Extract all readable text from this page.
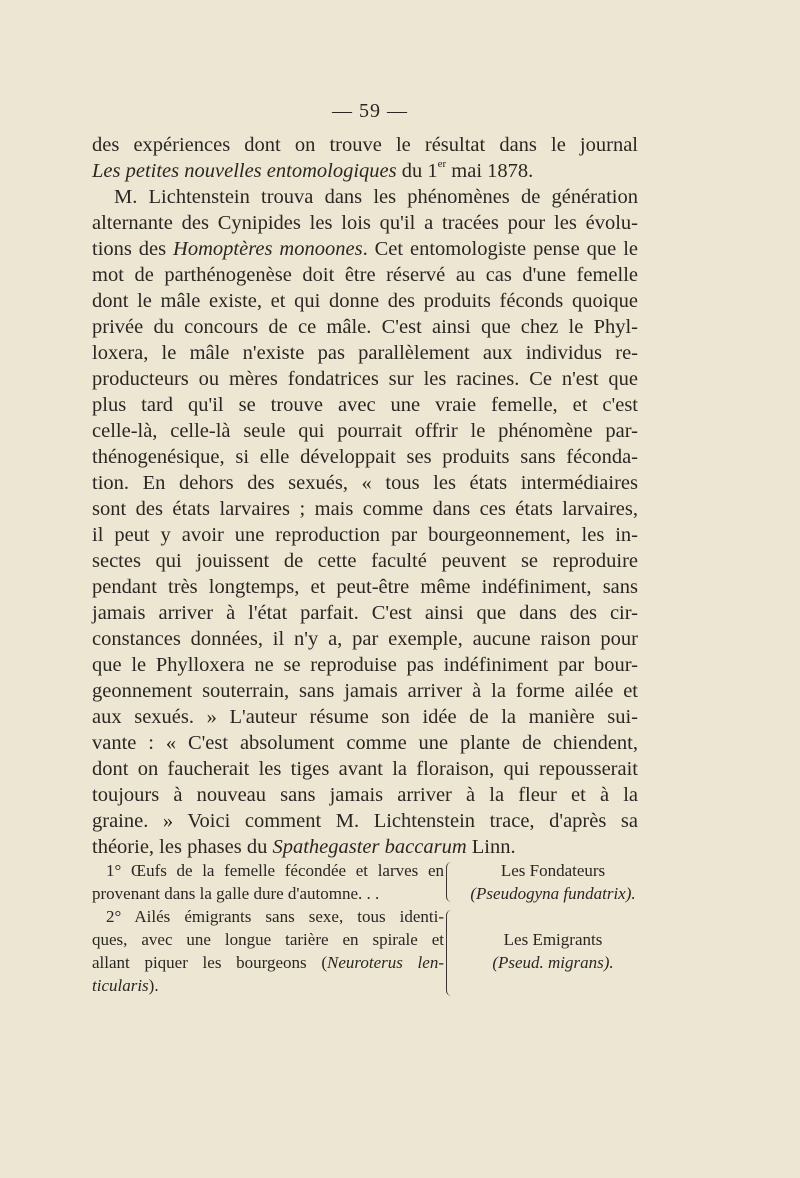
— 59 —
des expériences dont on trouve le résultat dans le journal
Les petites nouvelles entomologiques du 1er mai 1878.
M. Lichtenstein trouva dans les phénomènes de génération
alternante des Cynipides les lois qu'il a tracées pour les évolu-
tions des Homoptères monoones. Cet entomologiste pense que le
mot de parthénogenèse doit être réservé au cas d'une femelle
dont le mâle existe, et qui donne des produits féconds quoique
privée du concours de ce mâle. C'est ainsi que chez le Phyl-
loxera, le mâle n'existe pas parallèlement aux individus re-
producteurs ou mères fondatrices sur les racines. Ce n'est que
plus tard qu'il se trouve avec une vraie femelle, et c'est
celle-là, celle-là seule qui pourrait offrir le phénomène par-
thénogenésique, si elle développait ses produits sans féconda-
tion. En dehors des sexués, « tous les états intermédiaires
sont des états larvaires ; mais comme dans ces états larvaires,
il peut y avoir une reproduction par bourgeonnement, les in-
sectes qui jouissent de cette faculté peuvent se reproduire
pendant très longtemps, et peut-être même indéfiniment, sans
jamais arriver à l'état parfait. C'est ainsi que dans des cir-
constances données, il n'y a, par exemple, aucune raison pour
que le Phylloxera ne se reproduise pas indéfiniment par bour-
geonnement souterrain, sans jamais arriver à la forme ailée et
aux sexués. » L'auteur résume son idée de la manière sui-
vante : « C'est absolument comme une plante de chiendent,
dont on faucherait les tiges avant la floraison, qui repousserait
toujours à nouveau sans jamais arriver à la fleur et à la
graine. » Voici comment M. Lichtenstein trace, d'après sa
théorie, les phases du Spathegaster baccarum Linn.
1° Œufs de la femelle fécondée et larves en
provenant dans la galle dure d'automne. . .
2° Ailés émigrants sans sexe, tous identi-
ques, avec une longue tarière en spirale et
allant piquer les bourgeons (Neuroterus len-
ticularis).
Les Fondateurs
(Pseudogyna fundatrix).
Les Emigrants
(Pseud. migrans).
